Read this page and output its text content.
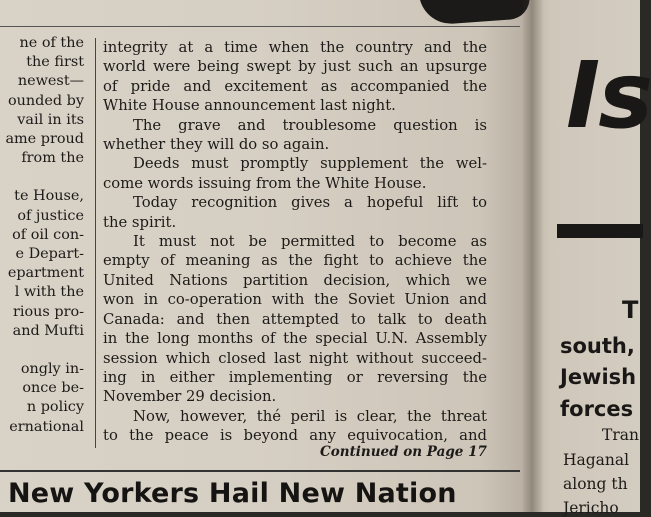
ne of the
the first
newest—
ounded by
vail in its
ame proud
from the
te House,
of justice
of oil con-
e Depart-
epartment
l with the
rious pro-
and Mufti
ongly in-
once be-
n policy
ernational
integrity at a time when the country and the
world were being swept by just such an upsurge
of pride and excitement as accompanied the
White House announcement last night.
The grave and troublesome question is
whether they will do so again.
Deeds must promptly supplement the wel-
come words issuing from the White House.
Today recognition gives a hopeful lift to
the spirit.
It must not be permitted to become as
empty of meaning as the fight to achieve the
United Nations partition decision, which we
won in co-operation with the Soviet Union and
Canada: and then attempted to talk to death
in the long months of the special U.N. Assembly
session which closed last night without succeed-
ing in either implementing or reversing the
November 29 decision.
Now, however, thé peril is clear, the threat
to the peace is beyond any equivocation, and
Continued on Page 17
New Yorkers Hail New Nation
Is
T
south,
Jewish
forces
Tran
Haganal
along th
Jericho
